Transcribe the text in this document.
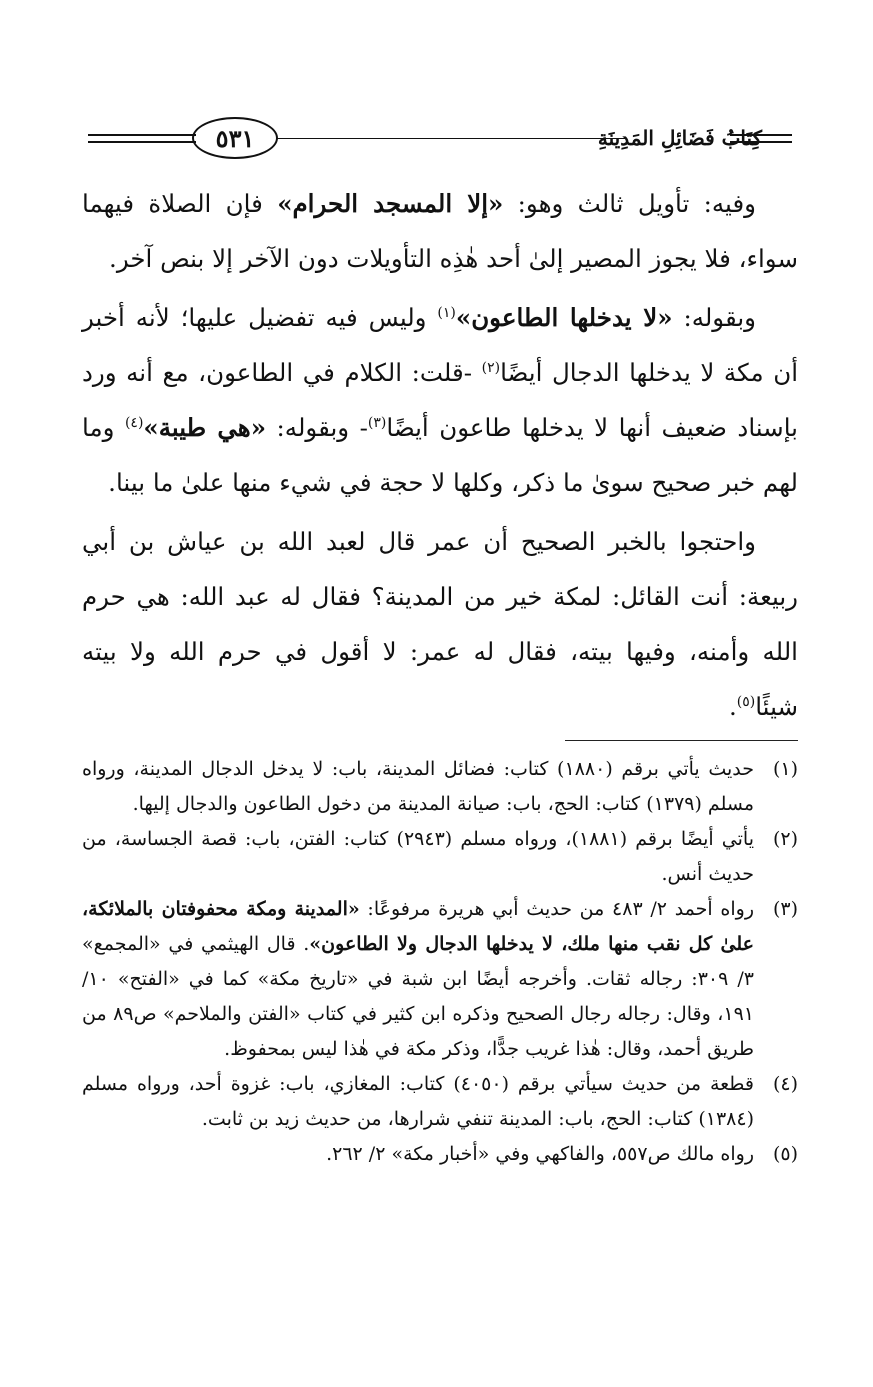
٥٣١	كِتَابُ فَضَائِلِ المَدِينَةِ

وفيه: تأويل ثالث وهو: «إلا المسجد الحرام» فإن الصلاة فيهما سواء، فلا يجوز المصير إلىٰ أحد هٰذِه التأويلات دون الآخر إلا بنص آخر.

وبقوله: «لا يدخلها الطاعون»$^{(١)}$ وليس فيه تفضيل عليها؛ لأنه أخبر أن مكة لا يدخلها الدجال أيضًا$^{(٢)}$ -قلت: الكلام في الطاعون، مع أنه ورد بإسناد ضعيف أنها لا يدخلها طاعون أيضًا$^{(٣)}$- وبقوله: «هي طيبة»$^{(٤)}$ وما لهم خبر صحيح سوىٰ ما ذكر، وكلها لا حجة في شيء منها علىٰ ما بينا.

واحتجوا بالخبر الصحيح أن عمر قال لعبد الله بن عياش بن أبي ربيعة: أنت القائل: لمكة خير من المدينة؟ فقال له عبد الله: هي حرم الله وأمنه، وفيها بيته، فقال له عمر: لا أقول في حرم الله ولا بيته شيئًا$^{(٥)}$.

(١)
حديث يأتي برقم (١٨٨٠) كتاب: فضائل المدينة، باب: لا يدخل الدجال المدينة، ورواه مسلم (١٣٧٩) كتاب: الحج، باب: صيانة المدينة من دخول الطاعون والدجال إليها.
(٢)
يأتي أيضًا برقم (١٨٨١)، ورواه مسلم (٢٩٤٣) كتاب: الفتن، باب: قصة الجساسة، من حديث أنس.
(٣)
رواه أحمد ٢/ ٤٨٣ من حديث أبي هريرة مرفوعًا: «المدينة ومكة محفوفتان بالملائكة، علىٰ كل نقب منها ملك، لا يدخلها الدجال ولا الطاعون». قال الهيثمي في «المجمع» ٣/ ٣٠٩: رجاله ثقات. وأخرجه أيضًا ابن شبة في «تاريخ مكة» كما في «الفتح» ١٠/ ١٩١، وقال: رجاله رجال الصحيح وذكره ابن كثير في كتاب «الفتن والملاحم» ص٨٩ من طريق أحمد، وقال: هٰذا غريب جدًّا، وذكر مكة في هٰذا ليس بمحفوظ.
(٤)
قطعة من حديث سيأتي برقم (٤٠٥٠) كتاب: المغازي، باب: غزوة أحد، ورواه مسلم (١٣٨٤) كتاب: الحج، باب: المدينة تنفي شرارها، من حديث زيد بن ثابت.
(٥)
رواه مالك ص٥٥٧، والفاكهي وفي «أخبار مكة» ٢/ ٢٦٢.
